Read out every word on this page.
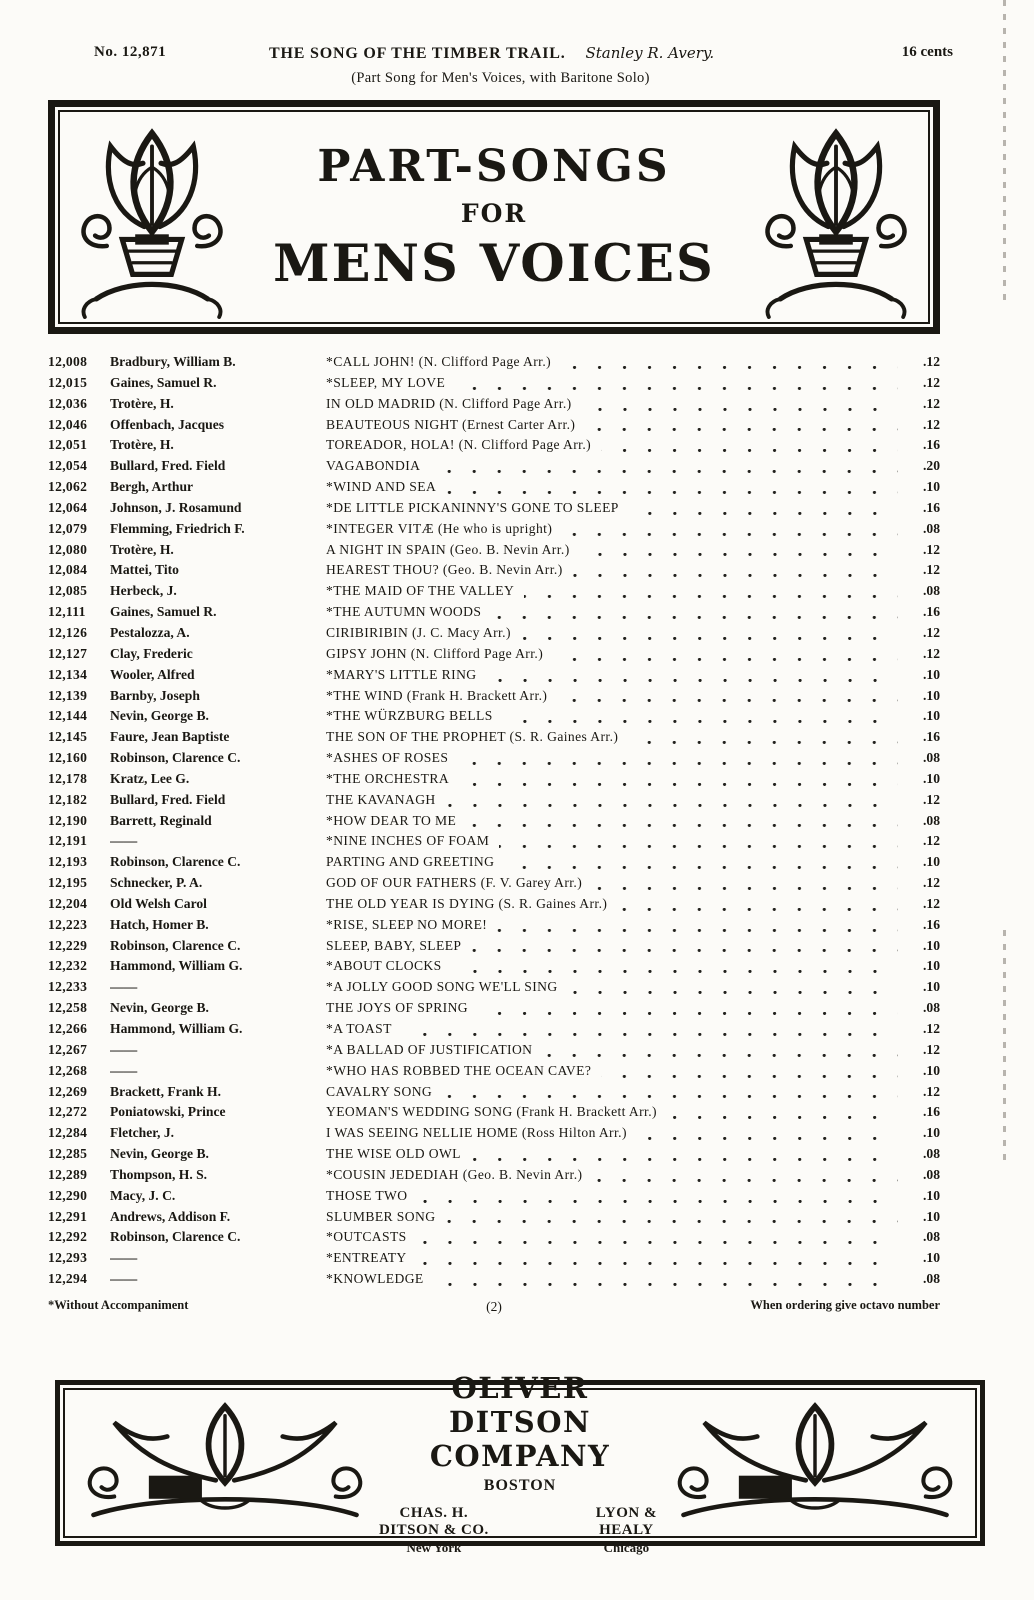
No. 12,871	THE SONG OF THE TIMBER TRAIL. Stanley R. Avery.	16 cents
(Part Song for Men's Voices, with Baritone Solo)
PART-SONGS
FOR
MENS VOICES
12,008	Bradbury, William B.	*CALL JOHN! (N. Clifford Page Arr.)	.12
12,015	Gaines, Samuel R.	*SLEEP, MY LOVE	.12
12,036	Trotère, H.	IN OLD MADRID (N. Clifford Page Arr.)	.12
12,046	Offenbach, Jacques	BEAUTEOUS NIGHT (Ernest Carter Arr.)	.12
12,051	Trotère, H.	TOREADOR, HOLA! (N. Clifford Page Arr.)	.16
12,054	Bullard, Fred. Field	VAGABONDIA	.20
12,062	Bergh, Arthur	*WIND AND SEA	.10
12,064	Johnson, J. Rosamund	*DE LITTLE PICKANINNY'S GONE TO SLEEP	.16
12,079	Flemming, Friedrich F.	*INTEGER VITÆ (He who is upright)	.08
12,080	Trotère, H.	A NIGHT IN SPAIN (Geo. B. Nevin Arr.)	.12
12,084	Mattei, Tito	HEAREST THOU? (Geo. B. Nevin Arr.)	.12
12,085	Herbeck, J.	*THE MAID OF THE VALLEY	.08
12,111	Gaines, Samuel R.	*THE AUTUMN WOODS	.16
12,126	Pestalozza, A.	CIRIBIRIBIN (J. C. Macy Arr.)	.12
12,127	Clay, Frederic	GIPSY JOHN (N. Clifford Page Arr.)	.12
12,134	Wooler, Alfred	*MARY'S LITTLE RING	.10
12,139	Barnby, Joseph	*THE WIND (Frank H. Brackett Arr.)	.10
12,144	Nevin, George B.	*THE WÜRZBURG BELLS	.10
12,145	Faure, Jean Baptiste	THE SON OF THE PROPHET (S. R. Gaines Arr.)	.16
12,160	Robinson, Clarence C.	*ASHES OF ROSES	.08
12,178	Kratz, Lee G.	*THE ORCHESTRA	.10
12,182	Bullard, Fred. Field	THE KAVANAGH	.12
12,190	Barrett, Reginald	*HOW DEAR TO ME	.08
12,191	——	*NINE INCHES OF FOAM	.12
12,193	Robinson, Clarence C.	PARTING AND GREETING	.10
12,195	Schnecker, P. A.	GOD OF OUR FATHERS (F. V. Garey Arr.)	.12
12,204	Old Welsh Carol	THE OLD YEAR IS DYING (S. R. Gaines Arr.)	.12
12,223	Hatch, Homer B.	*RISE, SLEEP NO MORE!	.16
12,229	Robinson, Clarence C.	SLEEP, BABY, SLEEP	.10
12,232	Hammond, William G.	*ABOUT CLOCKS	.10
12,233	——	*A JOLLY GOOD SONG WE'LL SING	.10
12,258	Nevin, George B.	THE JOYS OF SPRING	.08
12,266	Hammond, William G.	*A TOAST	.12
12,267	——	*A BALLAD OF JUSTIFICATION	.12
12,268	——	*WHO HAS ROBBED THE OCEAN CAVE?	.10
12,269	Brackett, Frank H.	CAVALRY SONG	.12
12,272	Poniatowski, Prince	YEOMAN'S WEDDING SONG (Frank H. Brackett Arr.)	.16
12,284	Fletcher, J.	I WAS SEEING NELLIE HOME (Ross Hilton Arr.)	.10
12,285	Nevin, George B.	THE WISE OLD OWL	.08
12,289	Thompson, H. S.	*COUSIN JEDEDIAH (Geo. B. Nevin Arr.)	.08
12,290	Macy, J. C.	THOSE TWO	.10
12,291	Andrews, Addison F.	SLUMBER SONG	.10
12,292	Robinson, Clarence C.	*OUTCASTS	.08
12,293	——	*ENTREATY	.10
12,294	——	*KNOWLEDGE	.08
*Without Accompaniment	(2)	When ordering give octavo number
OLIVER DITSON COMPANY
BOSTON
CHAS. H. DITSON & CO.
New York
LYON & HEALY
Chicago
